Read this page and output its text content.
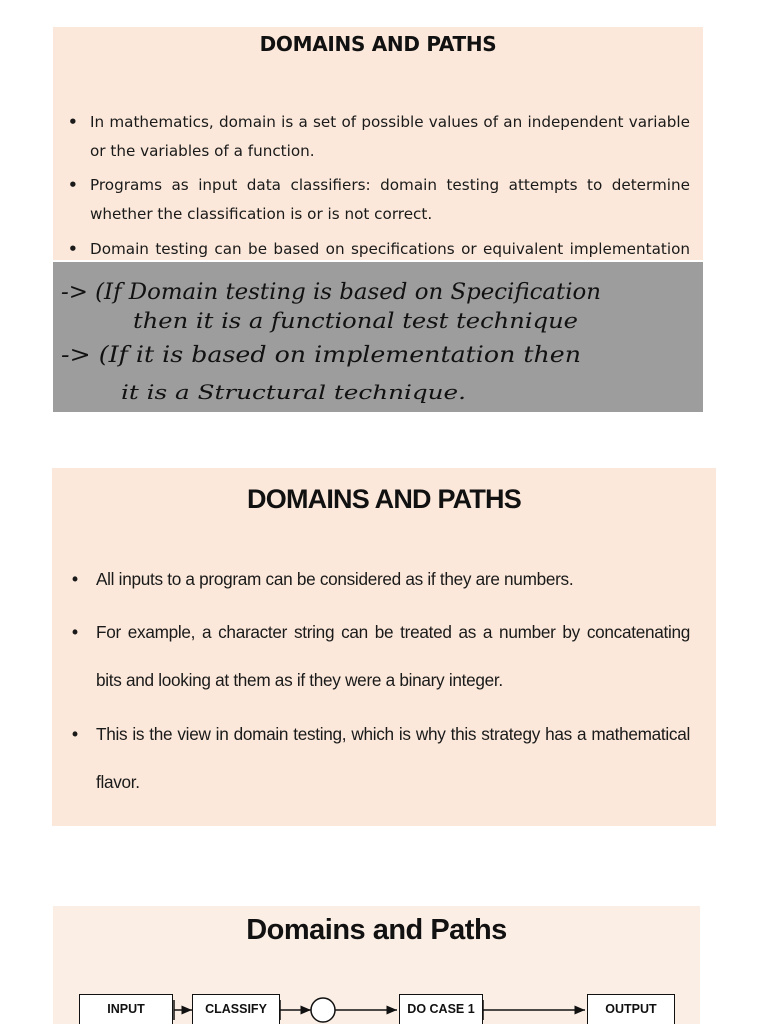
DOMAINS AND PATHS
• In mathematics, domain is a set of possible values of an independent variable or the variables of a function.
• Programs as input data classifiers: domain testing attempts to determine whether the classification is or is not correct.
• Domain testing can be based on specifications or equivalent implementation
-> (If Domain testing is based on Specification
then it is a functional test technique
-> (If it is based on implementation then
it is a Structural technique.
DOMAINS AND PATHS
• All inputs to a program can be considered as if they are numbers.
• For example, a character string can be treated as a number by concatenating bits and looking at them as if they were a binary integer.
• This is the view in domain testing, which is why this strategy has a mathematical flavor.
Domains and Paths
INPUT	CLASSIFY	DO CASE 1	OUTPUT
